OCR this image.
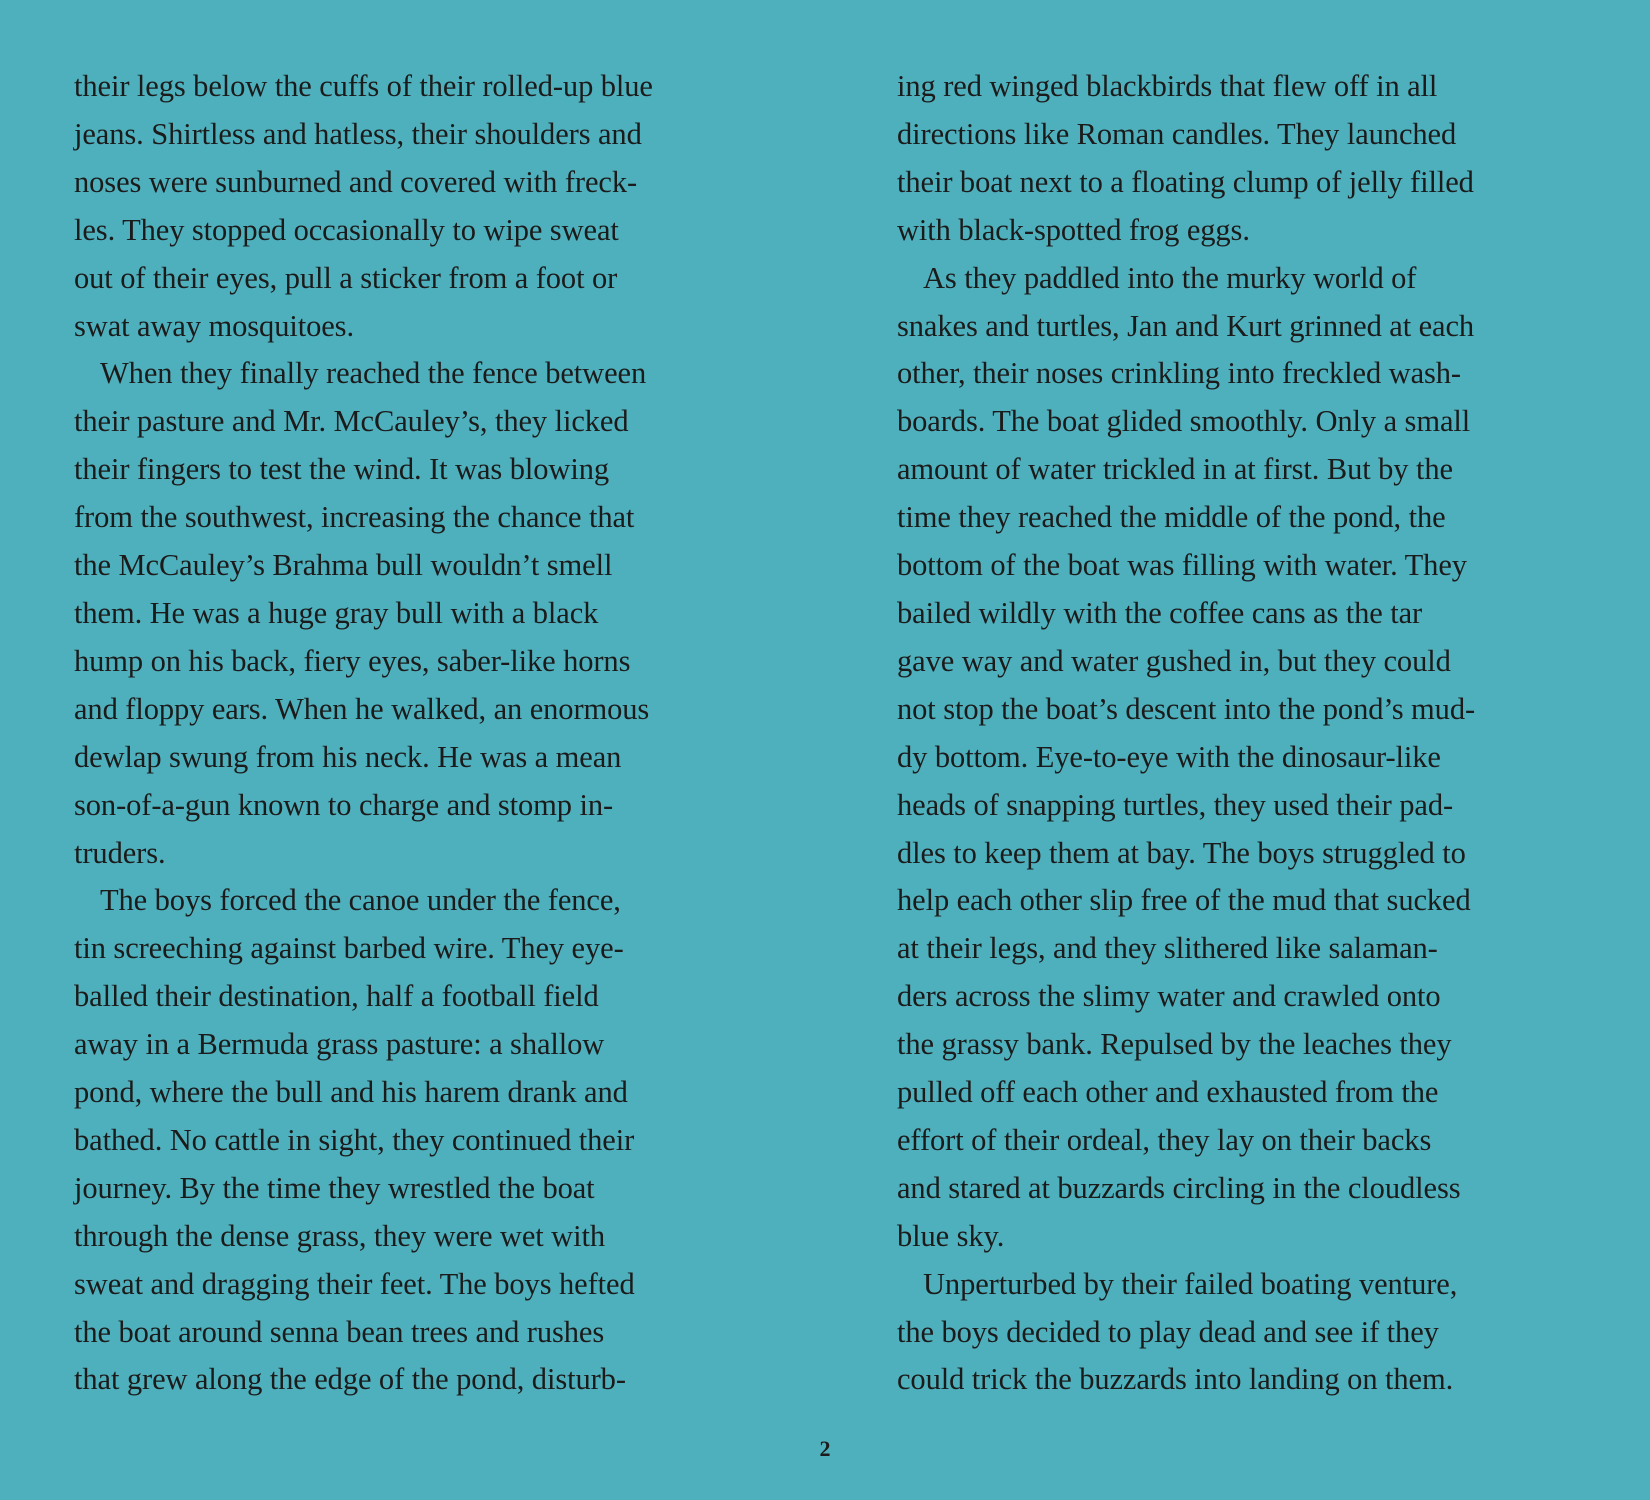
their legs below the cuffs of their rolled-up blue
jeans. Shirtless and hatless, their shoulders and
noses were sunburned and covered with freck-
les. They stopped occasionally to wipe sweat
out of their eyes, pull a sticker from a foot or
swat away mosquitoes.
When they finally reached the fence between
their pasture and Mr. McCauley’s, they licked
their fingers to test the wind. It was blowing
from the southwest, increasing the chance that
the McCauley’s Brahma bull wouldn’t smell
them. He was a huge gray bull with a black
hump on his back, fiery eyes, saber-like horns
and floppy ears. When he walked, an enormous
dewlap swung from his neck. He was a mean
son-of-a-gun known to charge and stomp in-
truders.
The boys forced the canoe under the fence,
tin screeching against barbed wire. They eye-
balled their destination, half a football field
away in a Bermuda grass pasture: a shallow
pond, where the bull and his harem drank and
bathed. No cattle in sight, they continued their
journey. By the time they wrestled the boat
through the dense grass, they were wet with
sweat and dragging their feet. The boys hefted
the boat around senna bean trees and rushes
that grew along the edge of the pond, disturb-
ing red winged blackbirds that flew off in all
directions like Roman candles. They launched
their boat next to a floating clump of jelly filled
with black-spotted frog eggs.
As they paddled into the murky world of
snakes and turtles, Jan and Kurt grinned at each
other, their noses crinkling into freckled wash-
boards. The boat glided smoothly. Only a small
amount of water trickled in at first. But by the
time they reached the middle of the pond, the
bottom of the boat was filling with water. They
bailed wildly with the coffee cans as the tar
gave way and water gushed in, but they could
not stop the boat’s descent into the pond’s mud-
dy bottom. Eye-to-eye with the dinosaur-like
heads of snapping turtles, they used their pad-
dles to keep them at bay. The boys struggled to
help each other slip free of the mud that sucked
at their legs, and they slithered like salaman-
ders across the slimy water and crawled onto
the grassy bank. Repulsed by the leaches they
pulled off each other and exhausted from the
effort of their ordeal, they lay on their backs
and stared at buzzards circling in the cloudless
blue sky.
Unperturbed by their failed boating venture,
the boys decided to play dead and see if they
could trick the buzzards into landing on them.
2
